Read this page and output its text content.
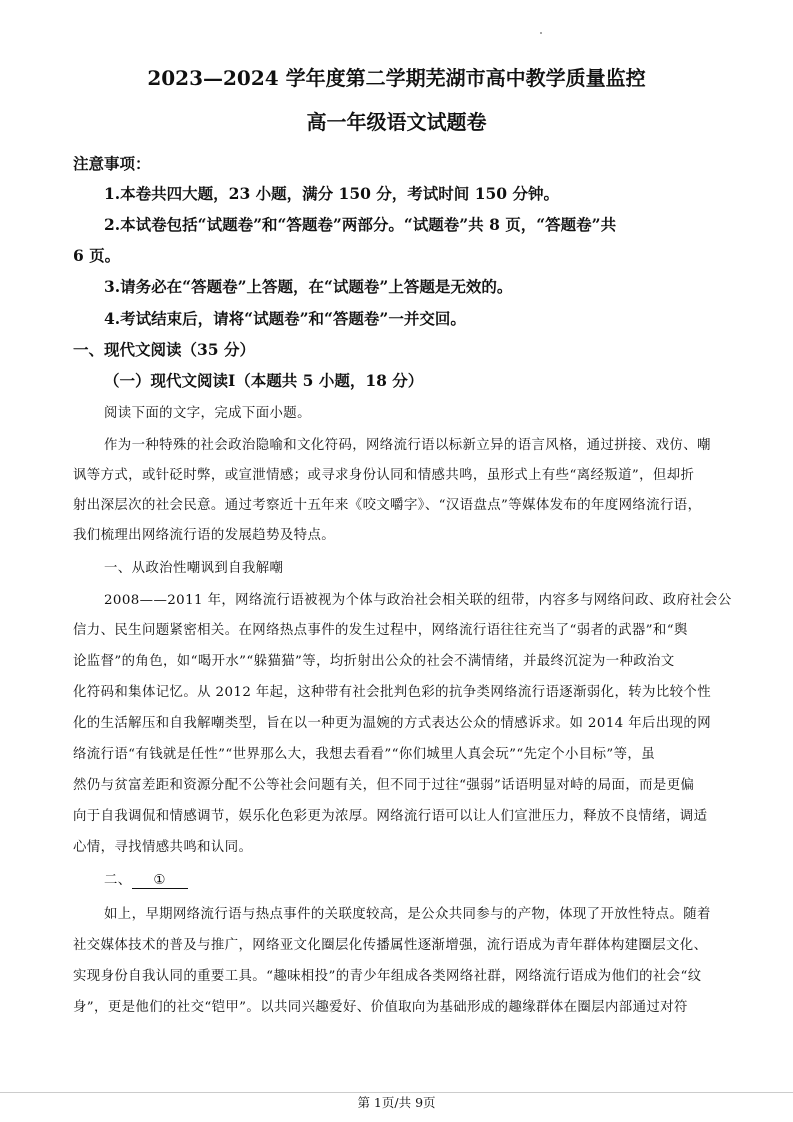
2023—2024 学年度第二学期芜湖市高中教学质量监控
高一年级语文试题卷
注意事项：
1.本卷共四大题，23 小题，满分 150 分，考试时间 150 分钟。
2.本试卷包括“试题卷”和“答题卷”两部分。“试题卷”共 8 页，“答题卷”共
6 页。
3.请务必在“答题卷”上答题，在“试题卷”上答题是无效的。
4.考试结束后，请将“试题卷”和“答题卷”一并交回。
一、现代文阅读（35 分）
（一）现代文阅读Ⅰ（本题共 5 小题，18 分）
阅读下面的文字，完成下面小题。
作为一种特殊的社会政治隐喻和文化符码，网络流行语以标新立异的语言风格，通过拼接、戏仿、嘲
讽等方式，或针砭时弊，或宣泄情感；或寻求身份认同和情感共鸣，虽形式上有些“离经叛道”，但却折
射出深层次的社会民意。通过考察近十五年来《咬文嚼字》、“汉语盘点”等媒体发布的年度网络流行语，
我们梳理出网络流行语的发展趋势及特点。
一、从政治性嘲讽到自我解嘲
2008——2011 年，网络流行语被视为个体与政治社会相关联的纽带，内容多与网络问政、政府社会公
信力、民生问题紧密相关。在网络热点事件的发生过程中，网络流行语往往充当了“弱者的武器”和“舆
论监督”的角色，如“喝开水”“躲猫猫”等，均折射出公众的社会不满情绪，并最终沉淀为一种政治文
化符码和集体记忆。从 2012 年起，这种带有社会批判色彩的抗争类网络流行语逐渐弱化，转为比较个性
化的生活解压和自我解嘲类型，旨在以一种更为温婉的方式表达公众的情感诉求。如 2014 年后出现的网
络流行语“有钱就是任性”“世界那么大，我想去看看”“你们城里人真会玩”“先定个小目标”等，虽
然仍与贫富差距和资源分配不公等社会问题有关，但不同于过往“强弱”话语明显对峙的局面，而是更偏
向于自我调侃和情感调节，娱乐化色彩更为浓厚。网络流行语可以让人们宣泄压力，释放不良情绪，调适
心情，寻找情感共鸣和认同。
二、 ①
如上，早期网络流行语与热点事件的关联度较高，是公众共同参与的产物，体现了开放性特点。随着
社交媒体技术的普及与推广，网络亚文化圈层化传播属性逐渐增强，流行语成为青年群体构建圈层文化、
实现身份自我认同的重要工具。“趣味相投”的青少年组成各类网络社群，网络流行语成为他们的社会“纹
身”，更是他们的社交“铠甲”。以共同兴趣爱好、价值取向为基础形成的趣缘群体在圈层内部通过对符
第 1页/共 9页
